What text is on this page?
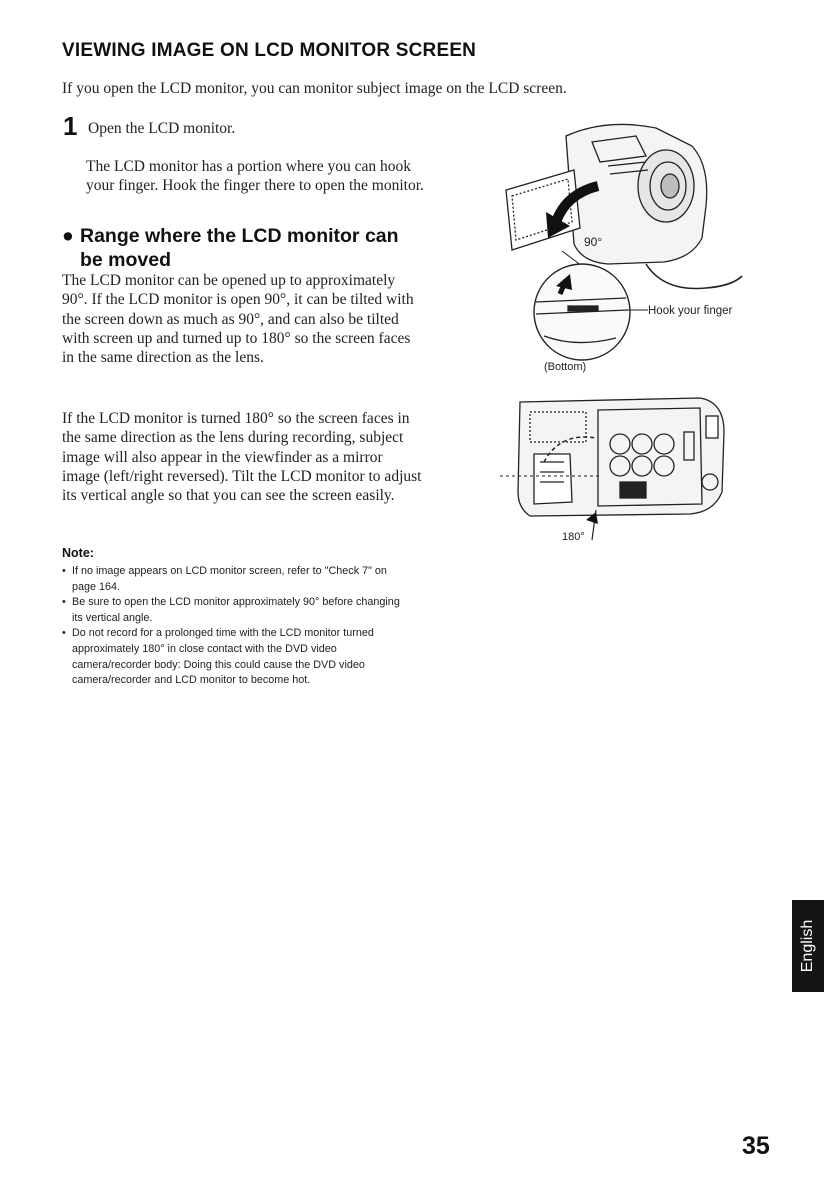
VIEWING IMAGE ON LCD MONITOR SCREEN
If you open the LCD monitor, you can monitor subject image on the LCD screen.
1 Open the LCD monitor.
The LCD monitor has a portion where you can hook your finger. Hook the finger there to open the monitor.
● Range where the LCD monitor can
be moved
The LCD monitor can be opened up to approximately 90°. If the LCD monitor is open 90°, it can be tilted with the screen down as much as 90°, and can also be tilted with screen up and turned up to 180° so the screen faces in the same direction as the lens.
If the LCD monitor is turned 180° so the screen faces in the same direction as the lens during recording, subject image will also appear in the viewfinder as a mirror image (left/right reversed). Tilt the LCD monitor to adjust its vertical angle so that you can see the screen easily.
Note:
• If no image appears on LCD monitor screen, refer to "Check 7" on page 164.
• Be sure to open the LCD monitor approximately 90° before changing its vertical angle.
• Do not record for a prolonged time with the LCD monitor turned approximately 180° in close contact with the DVD video camera/recorder body: Doing this could cause the DVD video camera/recorder and LCD monitor to become hot.
90°
Hook your finger
(Bottom)
180°
English
35
